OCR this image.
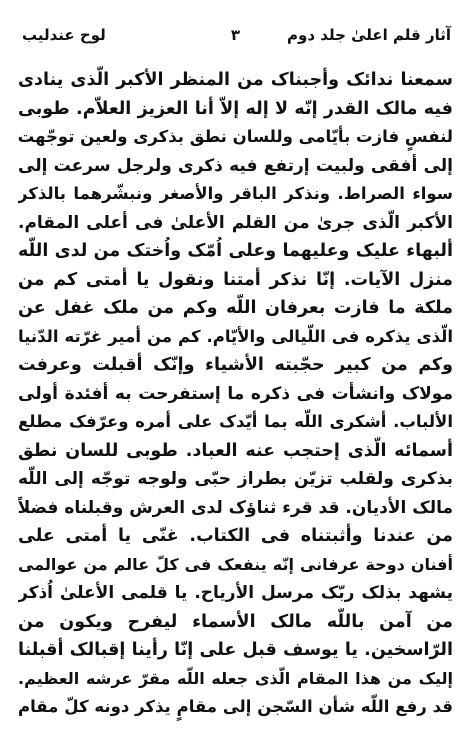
آثار قلم اعلیٰ جلد دوم
٣
لوح عندليب
سمعنا ندائک وأجبناک من المنظر الأكبر الّذی ينادی
فيه مالک القدر إنّه لا إله إلاّ أنا العزيز العلاّم. طوبی
لنفسٍ فازت بأيّامی وللسان نطق بذكری ولعين توجّهت
إلی أفقی ولبيت إرتفع فيه ذكری ولرجل سرعت إلی
سواء الصراط. ونذكر الباقر والأصغر ونبشّرهما بالذكر
الأكبر الّذی جریٰ من القلم الأعلیٰ فی أعلی المقام.
ألبهاء عليک وعليهما وعلی اُمّک واُختک من لدی اللّه
منزل الآيات. إنّا نذكر أمتنا ونقول يا أمتی كم من
ملكة ما فازت بعرفان اللّه وكم من ملک غفل عن
الّذی يذكره فی اللّيالی والأيّام. كم من أمير غرّته الدّنيا
وكم من كبير حجّبته الأشياء وإنّک أقبلت وعرفت
مولاک وانشأت فی ذكره ما إستفرحت به أفئدة أولی
الألباب. أشكری اللّه بما أيّدک علی أمره وعرّفک مطلع
أسمائه الّذی إحتجب عنه العباد. طوبی للسان نطق
بذكری ولقلب تزيّن بطراز حبّی ولوجه توجّه إلی اللّه
مالک الأديان. قد قرء ثناؤک لدی العرش وقبلناه فضلاً
من عندنا وأثبتناه فی الكتاب. غنّی يا أمتی علی
أفنان دوحة عرفانی إنّه ينفعک فی كلّ عالم من عوالمی
يشهد بذلک ربّک مرسل الأرياح. يا قلمی الأعلیٰ اُذكر
من آمن باللّه مالک الأسماء ليفرح ويكون من
الرّاسخين. يا يوسف قبل علی إنّا رأينا إقبالک أقبلنا
إليک من هذا المقام الّذی جعله اللّه مقرّ عرشه العظيم.
قد رفع اللّه شأن السّجن إلی مقامٍ يذكر دونه كلّ مقام
